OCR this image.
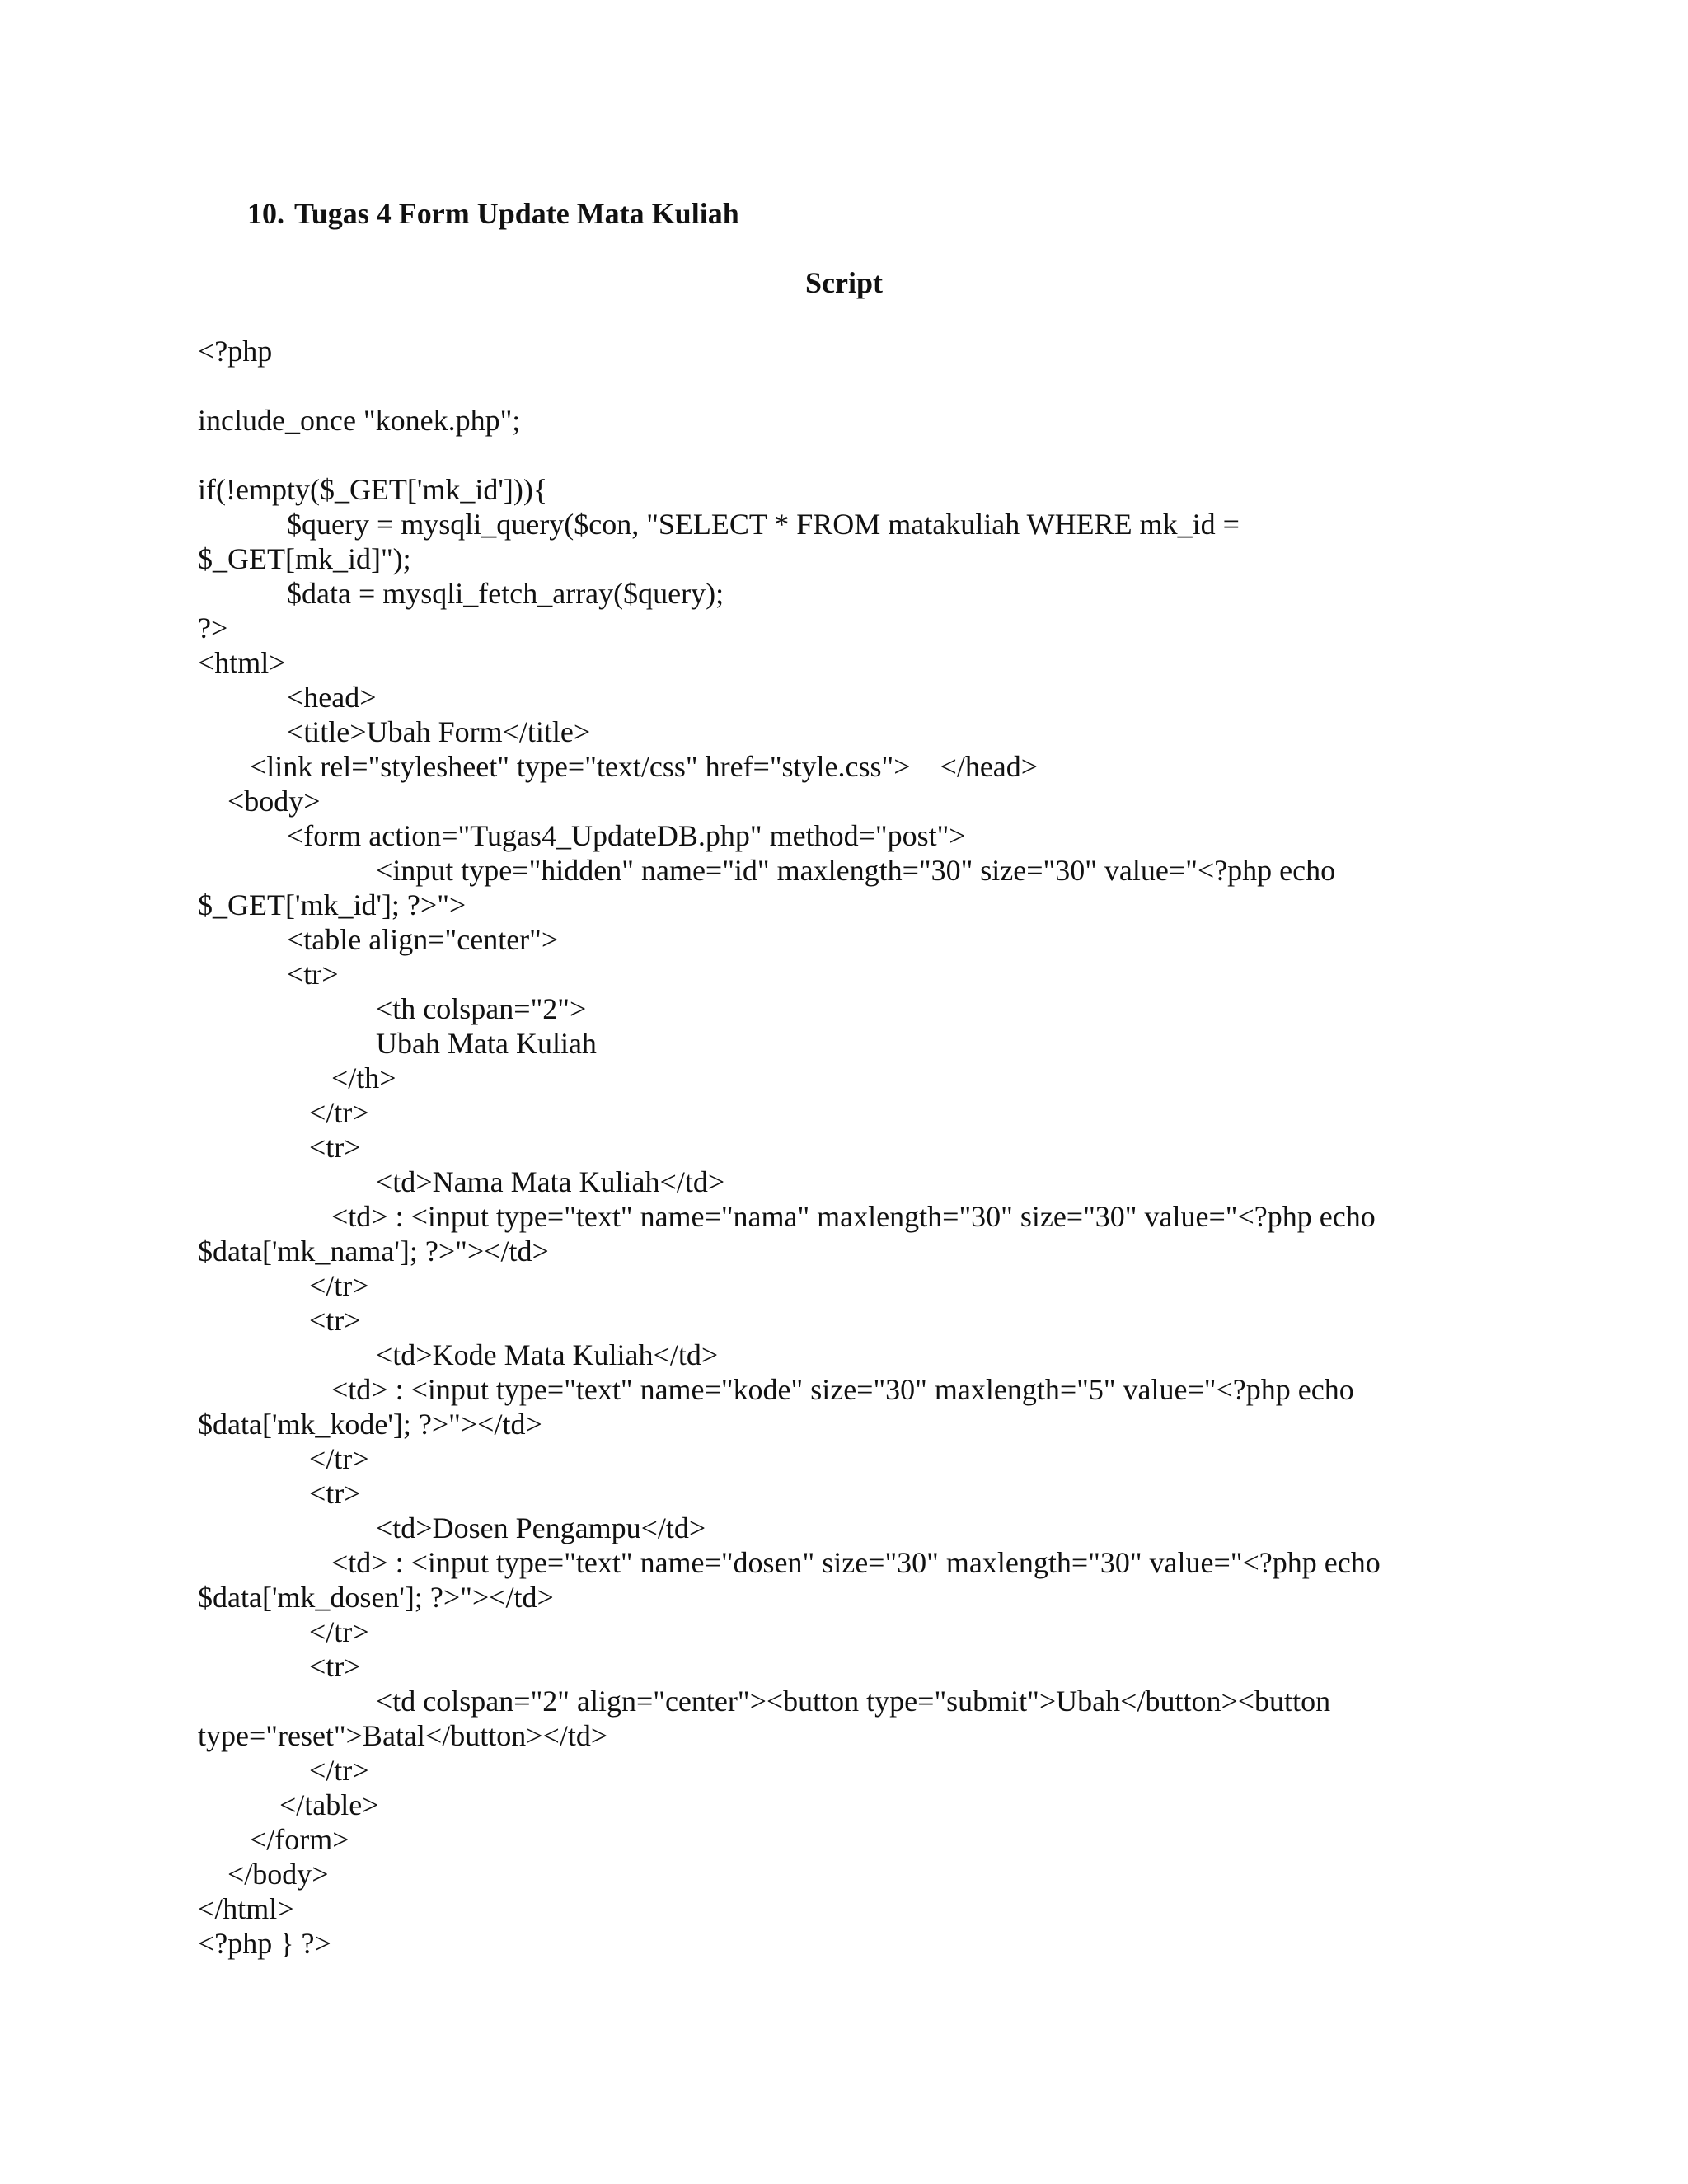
10. Tugas 4 Form Update Mata Kuliah
Script
<?php
include_once "konek.php";
if(!empty($_GET['mk_id'])){
$query = mysqli_query($con, "SELECT * FROM matakuliah WHERE mk_id =
$_GET[mk_id]");
$data = mysqli_fetch_array($query);
?>
<html>
<head>
<title>Ubah Form</title>
<link rel="stylesheet" type="text/css" href="style.css">    </head>
<body>
<form action="Tugas4_UpdateDB.php" method="post">
<input type="hidden" name="id" maxlength="30" size="30" value="<?php echo
$_GET['mk_id']; ?>">
<table align="center">
<tr>
<th colspan="2">
Ubah Mata Kuliah
</th>
</tr>
<tr>
<td>Nama Mata Kuliah</td>
<td> : <input type="text" name="nama" maxlength="30" size="30" value="<?php echo
$data['mk_nama']; ?>"></td>
</tr>
<tr>
<td>Kode Mata Kuliah</td>
<td> : <input type="text" name="kode" size="30" maxlength="5" value="<?php echo
$data['mk_kode']; ?>"></td>
</tr>
<tr>
<td>Dosen Pengampu</td>
<td> : <input type="text" name="dosen" size="30" maxlength="30" value="<?php echo
$data['mk_dosen']; ?>"></td>
</tr>
<tr>
<td colspan="2" align="center"><button type="submit">Ubah</button><button
type="reset">Batal</button></td>
</tr>
</table>
</form>
</body>
</html>
<?php } ?>
